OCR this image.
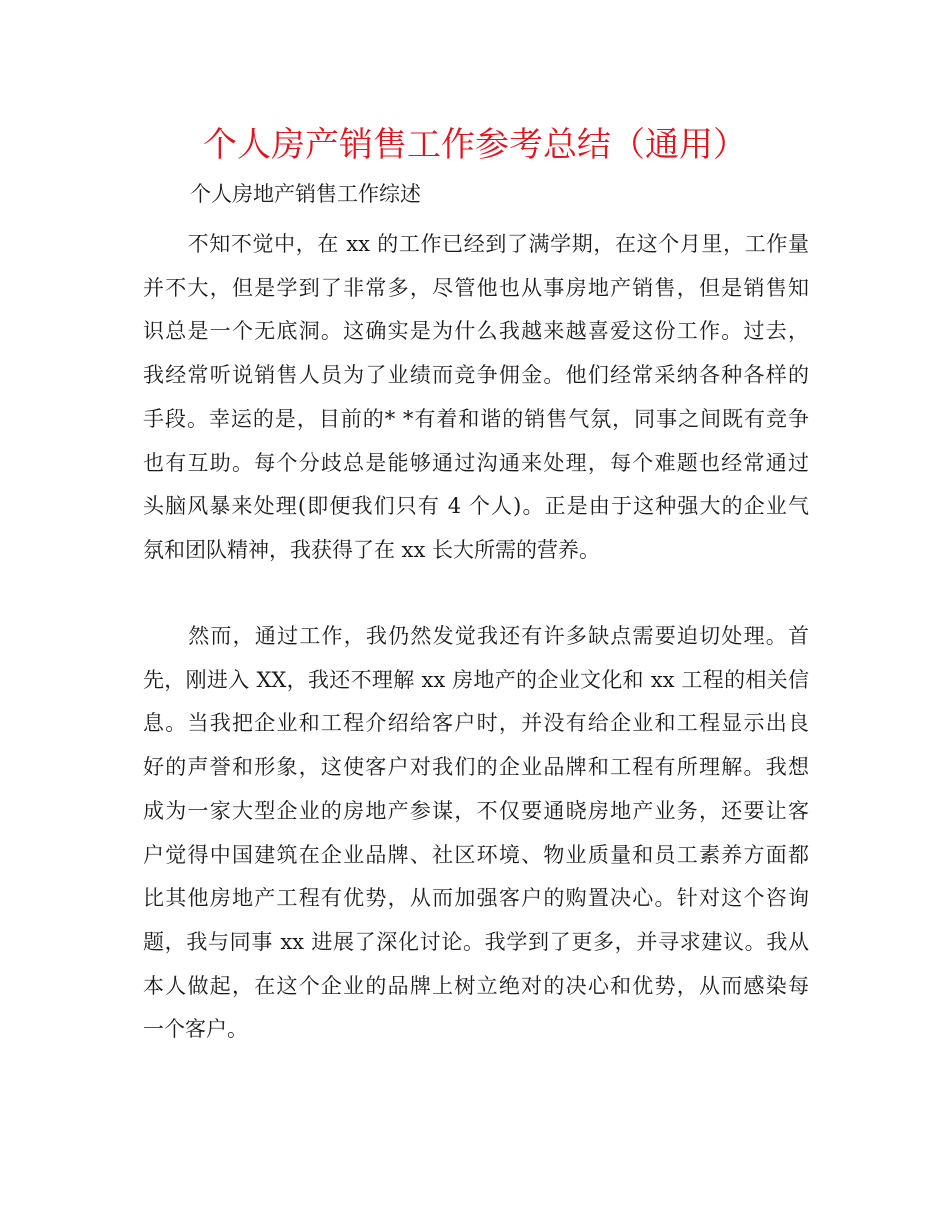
个人房产销售工作参考总结（通用）

个人房地产销售工作综述

不知不觉中，在 xx 的工作已经到了满学期，在这个月里，工作量
并不大，但是学到了非常多，尽管他也从事房地产销售，但是销售知
识总是一个无底洞。这确实是为什么我越来越喜爱这份工作。过去，
我经常听说销售人员为了业绩而竞争佣金。他们经常采纳各种各样的
手段。幸运的是，目前的* *有着和谐的销售气氛，同事之间既有竞争
也有互助。每个分歧总是能够通过沟通来处理，每个难题也经常通过
头脑风暴来处理(即便我们只有 4 个人)。正是由于这种强大的企业气
氛和团队精神，我获得了在 xx 长大所需的营养。
然而，通过工作，我仍然发觉我还有许多缺点需要迫切处理。首
先，刚进入 XX，我还不理解 xx 房地产的企业文化和 xx 工程的相关信
息。当我把企业和工程介绍给客户时，并没有给企业和工程显示出良
好的声誉和形象，这使客户对我们的企业品牌和工程有所理解。我想
成为一家大型企业的房地产参谋，不仅要通晓房地产业务，还要让客
户觉得中国建筑在企业品牌、社区环境、物业质量和员工素养方面都
比其他房地产工程有优势，从而加强客户的购置决心。针对这个咨询
题，我与同事 xx 进展了深化讨论。我学到了更多，并寻求建议。我从
本人做起，在这个企业的品牌上树立绝对的决心和优势，从而感染每
一个客户。
